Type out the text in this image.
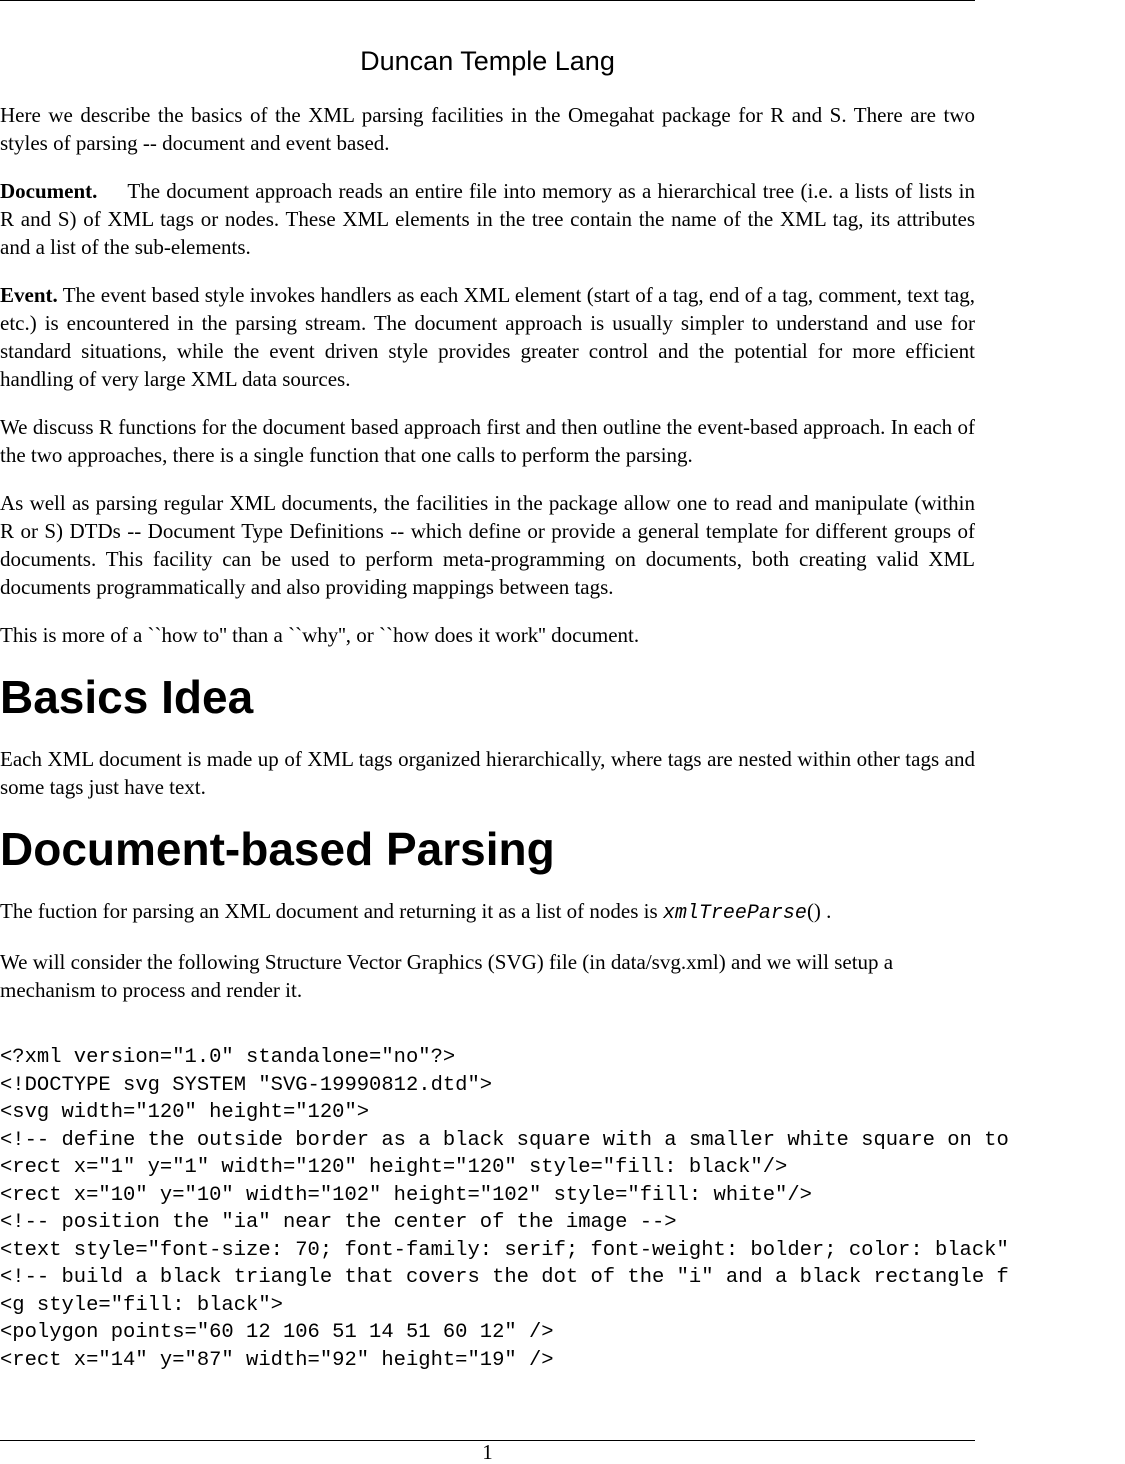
Duncan Temple Lang

Here we describe the basics of the XML parsing facilities in the Omegahat package for R and S. There are two styles of parsing -- document and event based.

Document. The document approach reads an entire file into memory as a hierarchical tree (i.e. a lists of lists in R and S) of XML tags or nodes. These XML elements in the tree contain the name of the XML tag, its attributes and a list of the sub-elements.

Event. The event based style invokes handlers as each XML element (start of a tag, end of a tag, comment, text tag, etc.) is encountered in the parsing stream. The document approach is usually simpler to understand and use for standard situations, while the event driven style provides greater control and the potential for more efficient handling of very large XML data sources.

We discuss R functions for the document based approach first and then outline the event-based approach. In each of the two approaches, there is a single function that one calls to perform the parsing.

As well as parsing regular XML documents, the facilities in the package allow one to read and manipulate (within R or S) DTDs -- Document Type Definitions -- which define or provide a general template for different groups of documents. This facility can be used to perform meta-programming on documents, both creating valid XML documents programmatically and also providing mappings between tags.

This is more of a ``how to'' than a ``why'', or ``how does it work'' document.

Basics Idea

Each XML document is made up of XML tags organized hierarchically, where tags are nested within other tags and some tags just have text.

Document-based Parsing

The fuction for parsing an XML document and returning it as a list of nodes is xmlTreeParse() .

We will consider the following Structure Vector Graphics (SVG) file (in data/svg.xml) and we will setup a mechanism to process and render it.

<?xml version="1.0" standalone="no"?>
<!DOCTYPE svg SYSTEM "SVG-19990812.dtd">
<svg width="120" height="120">
<!-- define the outside border as a black square with a smaller white square on to
<rect x="1" y="1" width="120" height="120" style="fill: black"/>
<rect x="10" y="10" width="102" height="102" style="fill: white"/>
<!-- position the "ia" near the center of the image -->
<text style="font-size: 70; font-family: serif; font-weight: bolder; color: black"
<!-- build a black triangle that covers the dot of the "i" and a black rectangle f
<g style="fill: black">
<polygon points="60 12 106 51 14 51 60 12" />
<rect x="14" y="87" width="92" height="19" />
1
